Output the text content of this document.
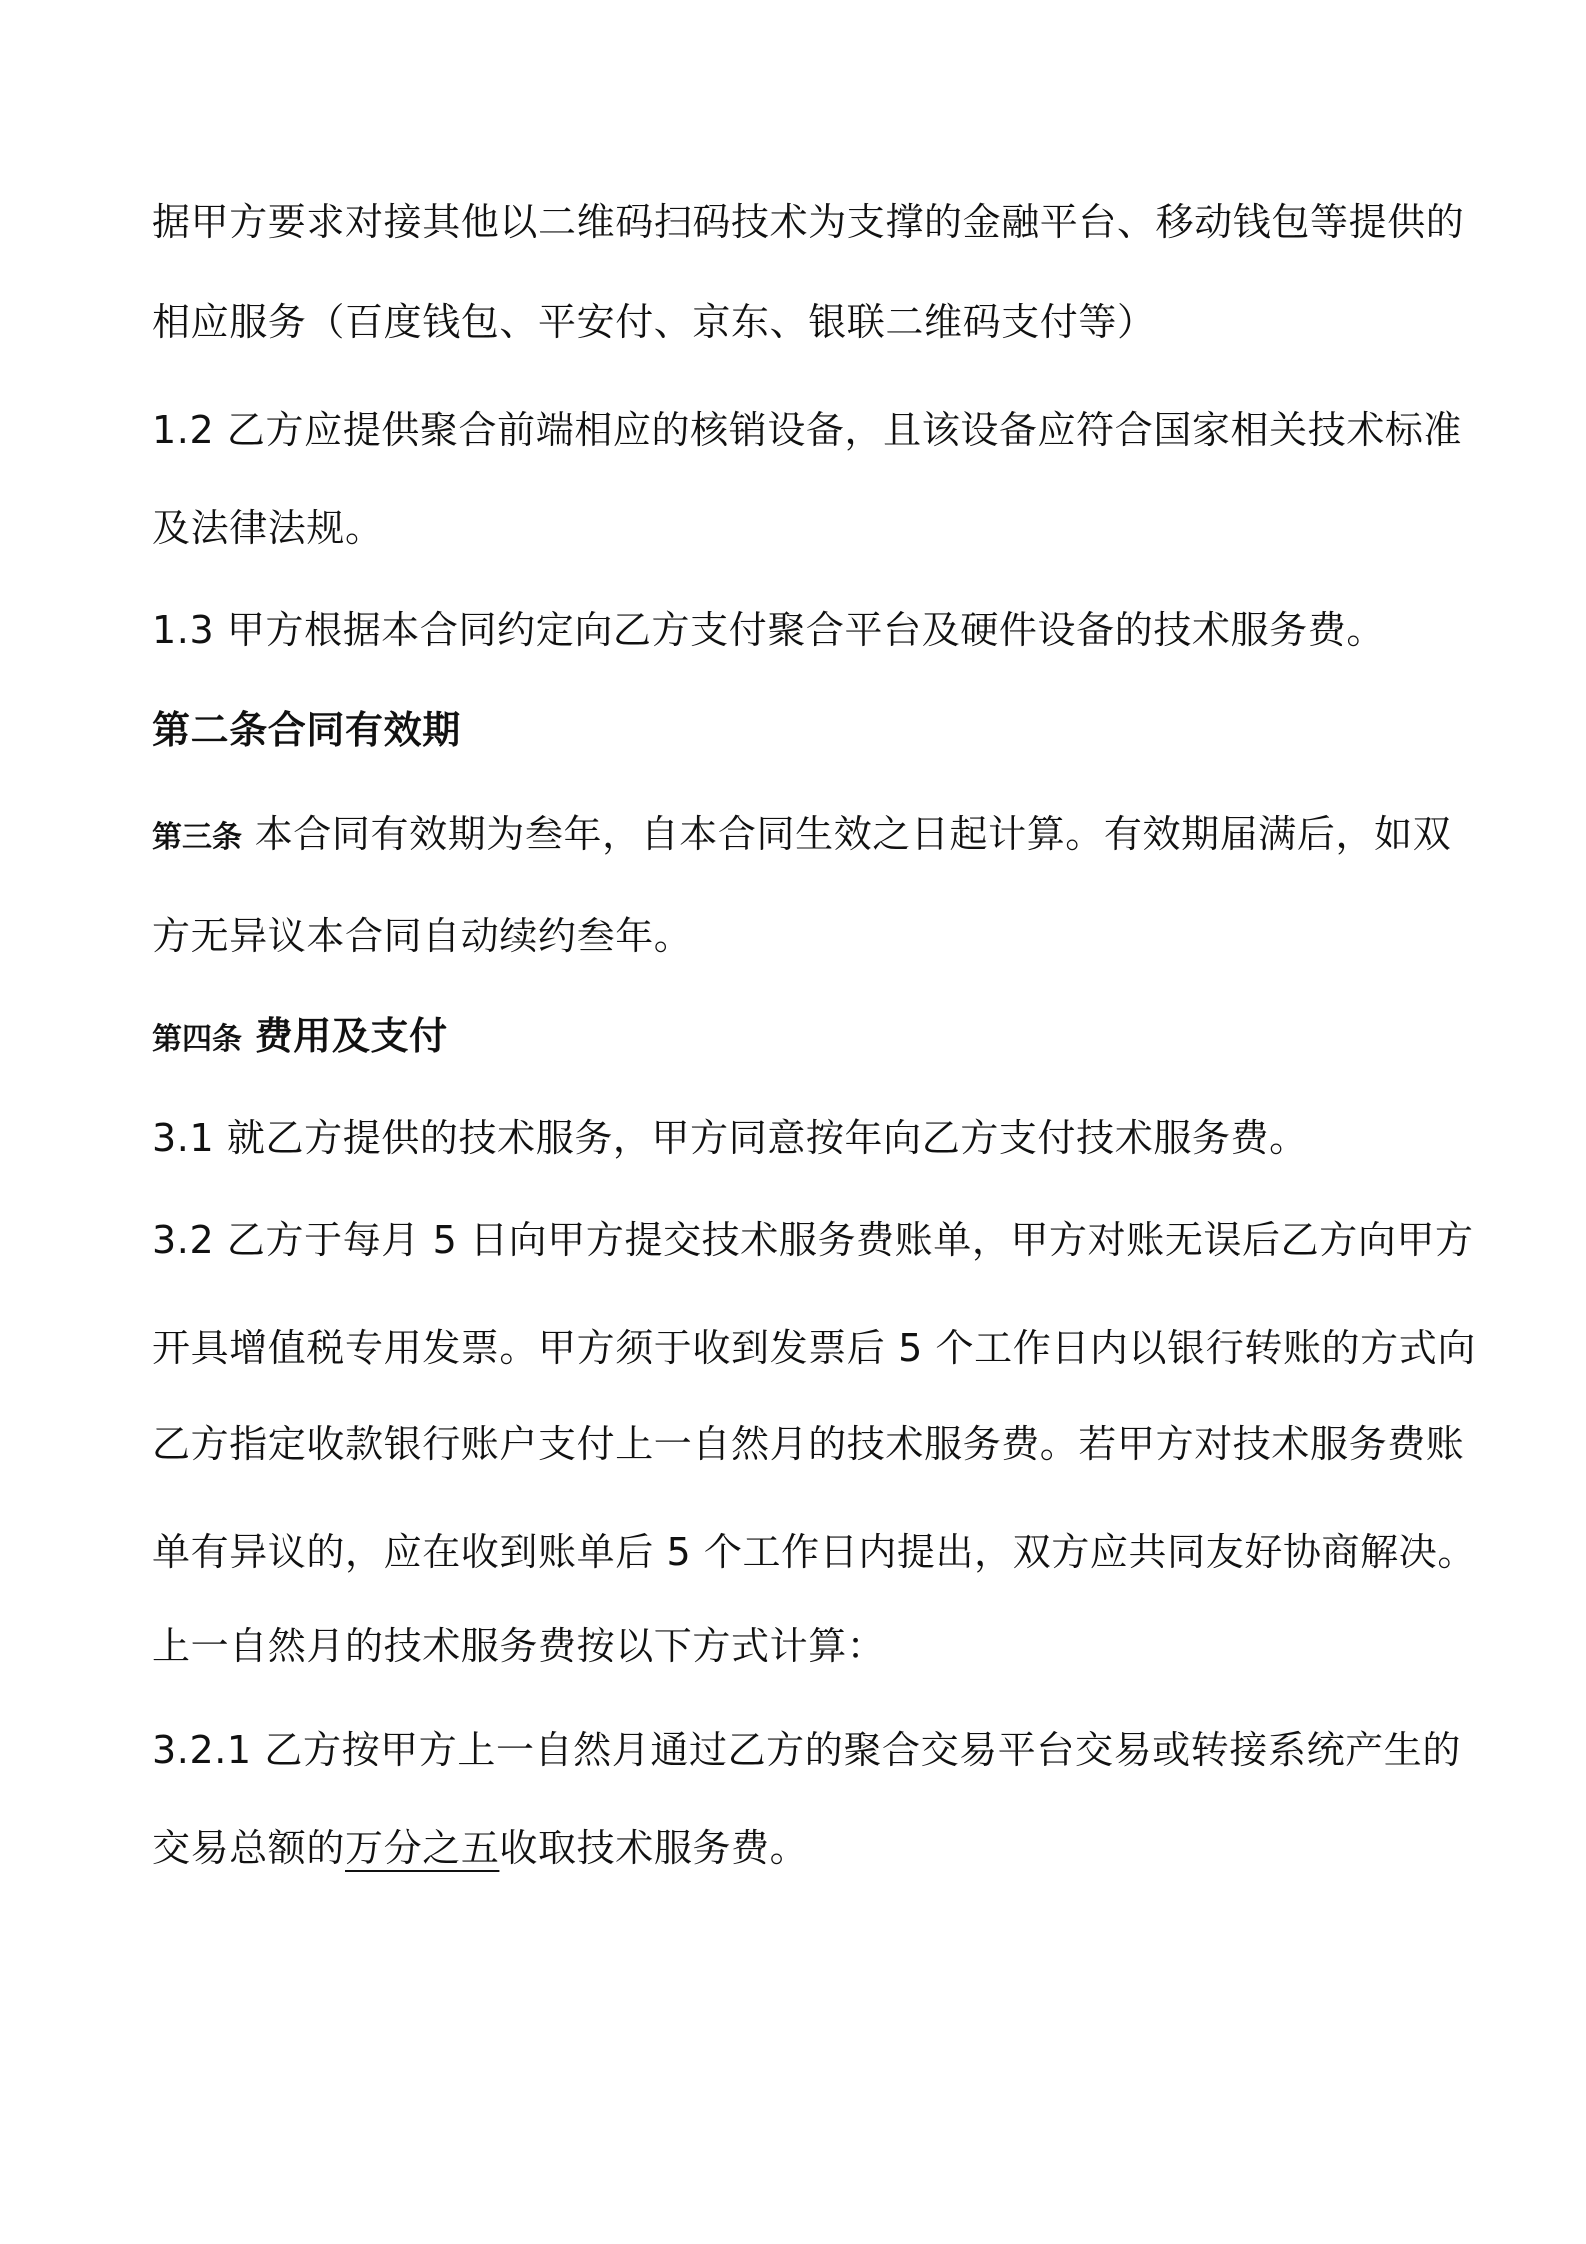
据甲方要求对接其他以二维码扫码技术为支撑的金融平台、移动钱包等提供的

相应服务（百度钱包、平安付、京东、银联二维码支付等）

1.2 乙方应提供聚合前端相应的核销设备，且该设备应符合国家相关技术标准

及法律法规。

1.3 甲方根据本合同约定向乙方支付聚合平台及硬件设备的技术服务费。

第二条合同有效期

第三条 本合同有效期为叁年，自本合同生效之日起计算。有效期届满后，如双

方无异议本合同自动续约叁年。

第四条 费用及支付

3.1 就乙方提供的技术服务，甲方同意按年向乙方支付技术服务费。

3.2 乙方于每月 5 日向甲方提交技术服务费账单，甲方对账无误后乙方向甲方

开具增值税专用发票。甲方须于收到发票后 5 个工作日内以银行转账的方式向

乙方指定收款银行账户支付上一自然月的技术服务费。若甲方对技术服务费账

单有异议的，应在收到账单后 5 个工作日内提出，双方应共同友好协商解决。

上一自然月的技术服务费按以下方式计算：

3.2.1 乙方按甲方上一自然月通过乙方的聚合交易平台交易或转接系统产生的

交易总额的万分之五收取技术服务费。
